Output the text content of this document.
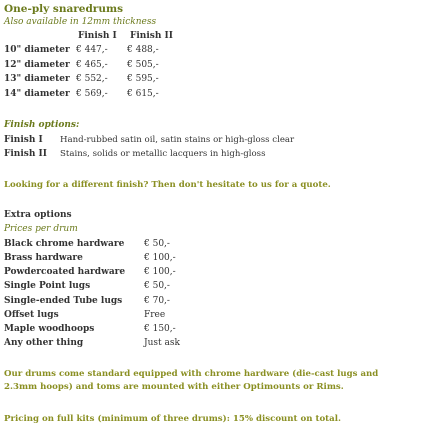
One-ply snaredrums
Also available in 12mm thickness
Finish I Finish II
10" diameter € 447,- € 488,-
12" diameter € 465,- € 505,-
13" diameter € 552,- € 595,-
14" diameter € 569,- € 615,-
Finish options:
Finish I Hand-rubbed satin oil, satin stains or high-gloss clear
Finish II Stains, solids or metallic lacquers in high-gloss
Looking for a different finish? Then don't hesitate to us for a quote.
Extra options
Prices per drum
Black chrome hardware € 50,-
Brass hardware	€ 100,-
Powdercoated hardware € 100,-
Single Point lugs	€ 50,-
Single-ended Tube lugs € 70,-
Offset lugs	Free
Maple woodhoops	€ 150,-
Any other thing	Just ask
Our drums come standard equipped with chrome hardware (die-cast lugs and 2.3mm hoops) and toms are mounted with either Optimounts or Rims.
Pricing on full kits (minimum of three drums): 15% discount on total.
